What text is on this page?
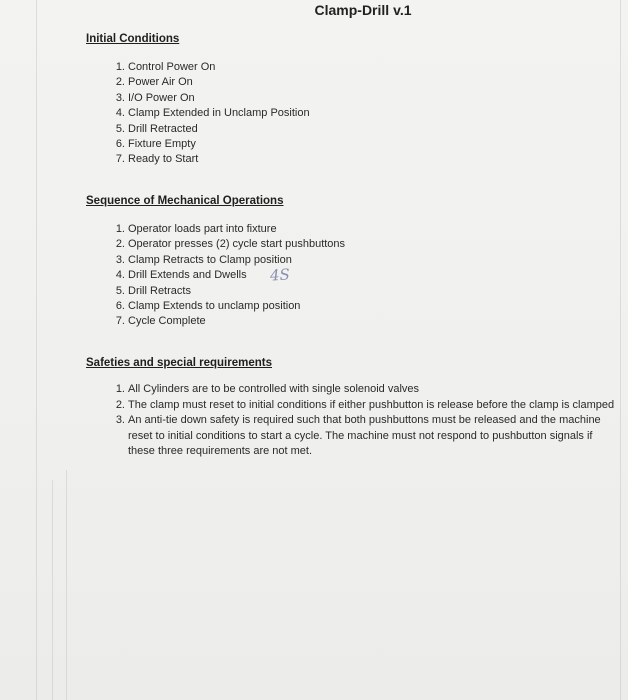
Clamp-Drill v.1
Initial Conditions
1. Control Power On
2. Power Air On
3. I/O Power On
4. Clamp Extended in Unclamp Position
5. Drill Retracted
6. Fixture Empty
7. Ready to Start
Sequence of Mechanical Operations
1. Operator loads part into fixture
2. Operator presses (2) cycle start pushbuttons
3. Clamp Retracts to Clamp position
4. Drill Extends and Dwells
5. Drill Retracts
6. Clamp Extends to unclamp position
7. Cycle Complete
4S
Safeties and special requirements
1. All Cylinders are to be controlled with single solenoid valves
2. The clamp must reset to initial conditions if either pushbutton is release before the clamp is clamped
3. An anti-tie down safety is required such that both pushbuttons must be released and the machine reset to initial conditions to start a cycle. The machine must not respond to pushbutton signals if these three requirements are not met.
